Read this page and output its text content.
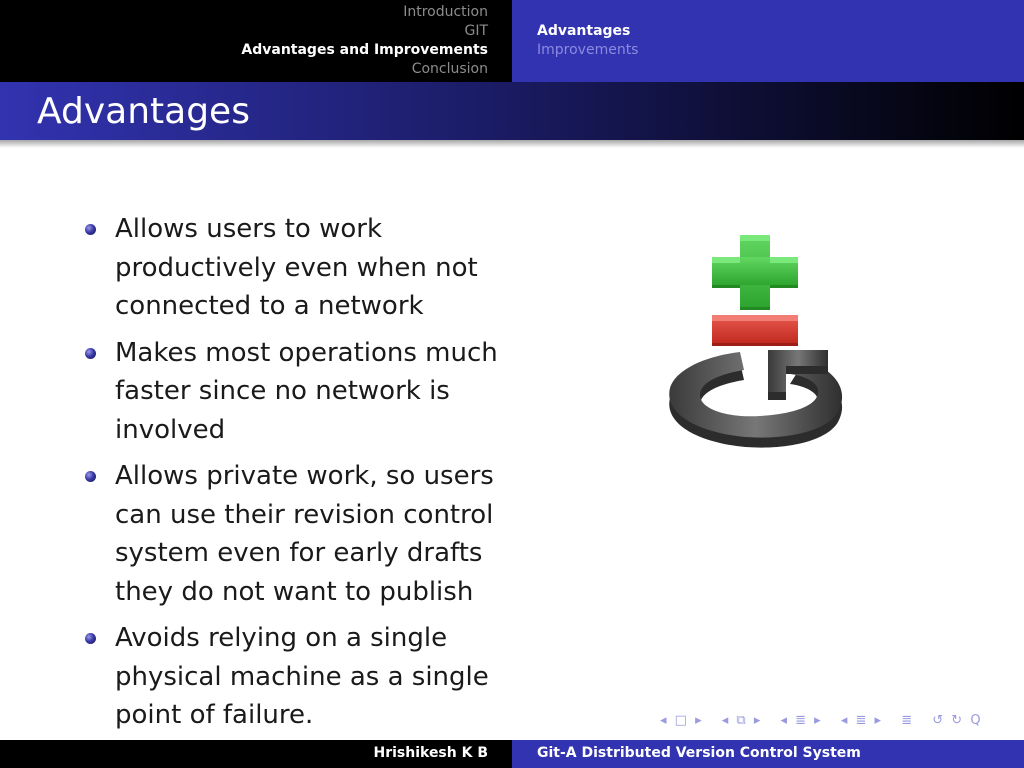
Introduction
GIT
Advantages and Improvements
Conclusion
Advantages
Improvements
Advantages
Allows users to work productively even when not connected to a network
Makes most operations much faster since no network is involved
Allows private work, so users can use their revision control system even for early drafts they do not want to publish
Avoids relying on a single physical machine as a single point of failure.	◂ □ ▸ ◂ ⧉ ▸ ◂ ≣ ▸ ◂ ≣ ▸ ≣ ↺ ↻ Q
Hrishikesh K B	Git-A Distributed Version Control System
